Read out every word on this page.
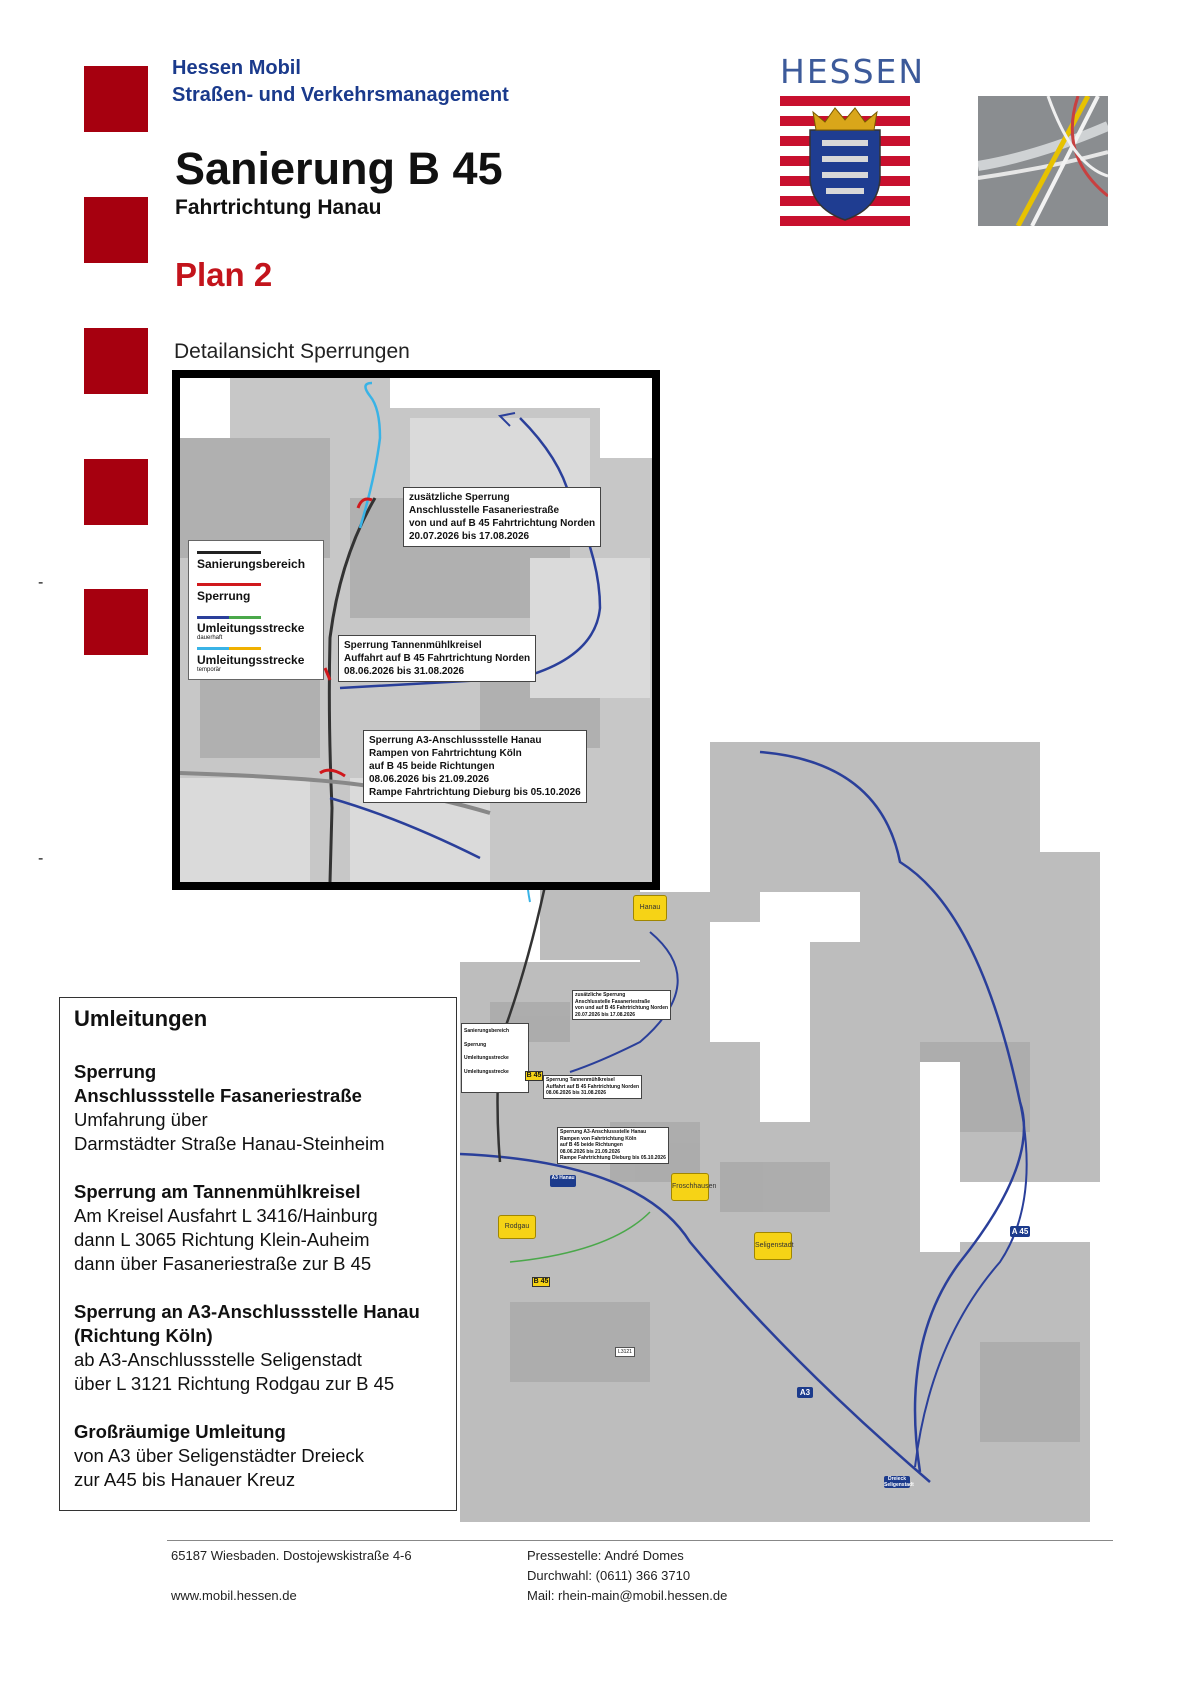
-
-
Hessen Mobil
Straßen- und Verkehrsmanagement
Sanierung B 45
Fahrtrichtung Hanau
Plan 2
Detailansicht Sperrungen
HESSEN
Hanau
Rodgau
Froschhausen
Seligenstadt
A3
A 45
B 45
L3121
A3 Hanau
Dreieck Seligenstadt
Sanierungsbereich
Sperrung
Umleitungsstrecke
Umleitungsstrecke
zusätzliche Sperrung
Anschlusstelle Fasaneriestraße
von und auf B 45 Fahrtrichtung Norden
20.07.2026 bis 17.08.2026
B 45
Sperrung Tannenmühlkreisel
Auffahrt auf B 45 Fahrtrichtung Norden
08.06.2026 bis 31.08.2026
Sperrung A3-Anschlussstelle Hanau
Rampen von Fahrtrichtung Köln
auf B 45 beide Richtungen
08.06.2026 bis 21.09.2026
Rampe Fahrtrichtung Dieburg bis 05.10.2026
Sanierungsbereich
Sperrung
Umleitungsstrecke
dauerhaft
Umleitungsstrecke
temporär
zusätzliche Sperrung
Anschlusstelle Fasaneriestraße
von und auf B 45 Fahrtrichtung Norden
20.07.2026 bis 17.08.2026
Sperrung Tannenmühlkreisel
Auffahrt auf B 45 Fahrtrichtung Norden
08.06.2026 bis 31.08.2026
Sperrung A3-Anschlussstelle Hanau
Rampen von Fahrtrichtung Köln
auf B 45 beide Richtungen
08.06.2026 bis 21.09.2026
Rampe Fahrtrichtung Dieburg bis 05.10.2026
Umleitungen
Sperrung
Anschlussstelle Fasaneriestraße
Umfahrung über
Darmstädter Straße Hanau-Steinheim
Sperrung am Tannenmühlkreisel
Am Kreisel Ausfahrt L 3416/Hainburg
dann L 3065 Richtung Klein-Auheim
dann über Fasaneriestraße zur B 45
Sperrung an A3-Anschlussstelle Hanau
(Richtung Köln)
ab A3-Anschlussstelle Seligenstadt
über L 3121 Richtung Rodgau zur B 45
Großräumige Umleitung
von A3 über Seligenstädter Dreieck
zur A45 bis Hanauer Kreuz
65187 Wiesbaden. Dostojewskistraße 4-6
www.mobil.hessen.de
Pressestelle: André Domes
Durchwahl: (0611) 366 3710
Mail: rhein-main@mobil.hessen.de
